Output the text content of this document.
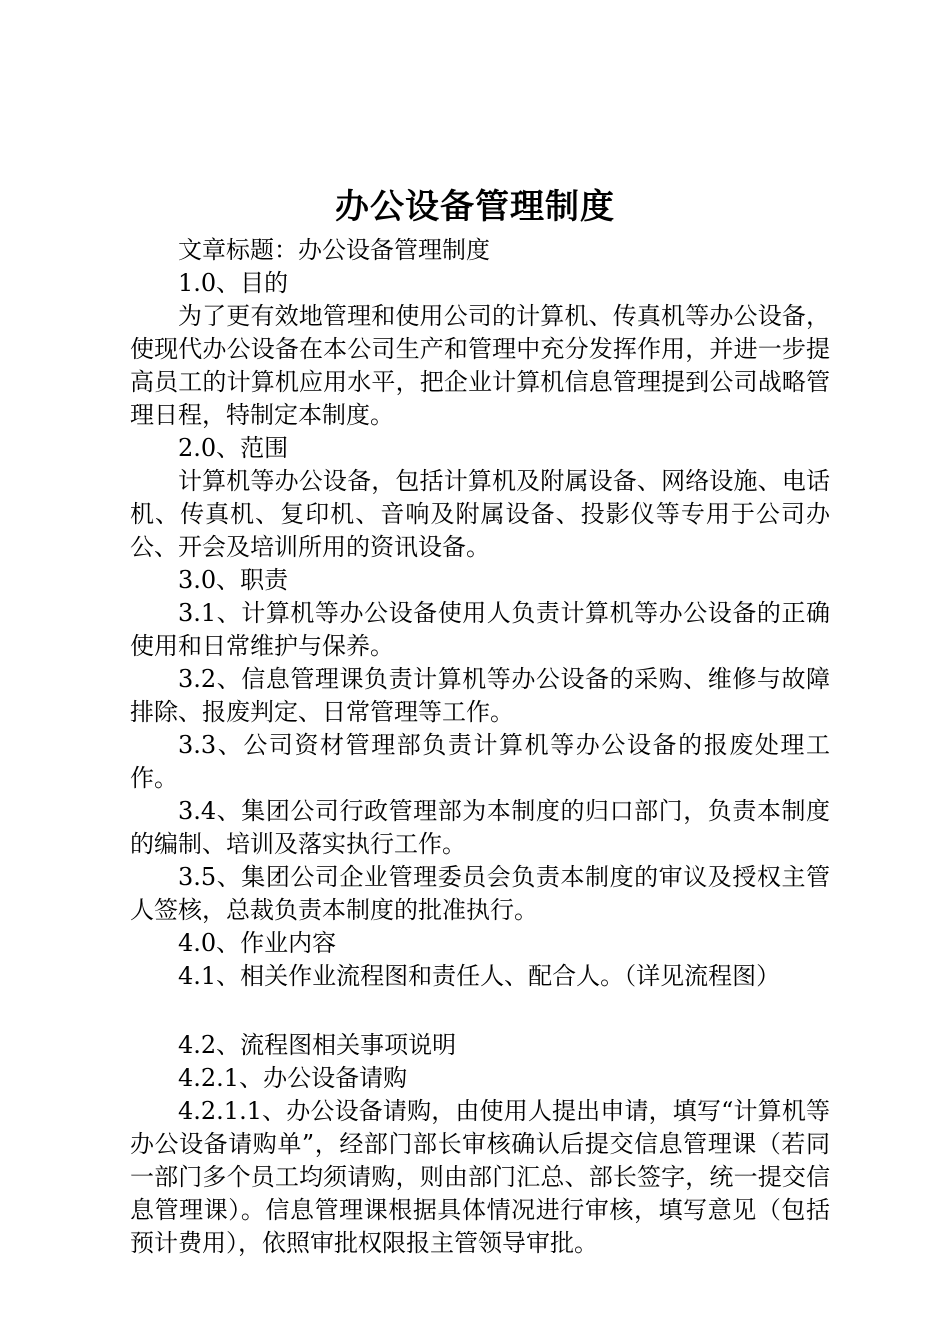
办公设备管理制度

文章标题：办公设备管理制度

1.0、目的

为了更有效地管理和使用公司的计算机、传真机等办公设备，使现代办公设备在本公司生产和管理中充分发挥作用，并进一步提高员工的计算机应用水平，把企业计算机信息管理提到公司战略管理日程，特制定本制度。

2.0、范围

计算机等办公设备，包括计算机及附属设备、网络设施、电话机、传真机、复印机、音响及附属设备、投影仪等专用于公司办公、开会及培训所用的资讯设备。

3.0、职责

3.1、计算机等办公设备使用人负责计算机等办公设备的正确使用和日常维护与保养。

3.2、信息管理课负责计算机等办公设备的采购、维修与故障排除、报废判定、日常管理等工作。

3.3、公司资材管理部负责计算机等办公设备的报废处理工作。

3.4、集团公司行政管理部为本制度的归口部门，负责本制度的编制、培训及落实执行工作。

3.5、集团公司企业管理委员会负责本制度的审议及授权主管人签核，总裁负责本制度的批准执行。

4.0、作业内容

4.1、相关作业流程图和责任人、配合人。（详见流程图）

4.2、流程图相关事项说明

4.2.1、办公设备请购

4.2.1.1、办公设备请购，由使用人提出申请，填写“计算机等办公设备请购单”，经部门部长审核确认后提交信息管理课（若同一部门多个员工均须请购，则由部门汇总、部长签字，统一提交信息管理课）。信息管理课根据具体情况进行审核，填写意见（包括预计费用），依照审批权限报主管领导审批。
